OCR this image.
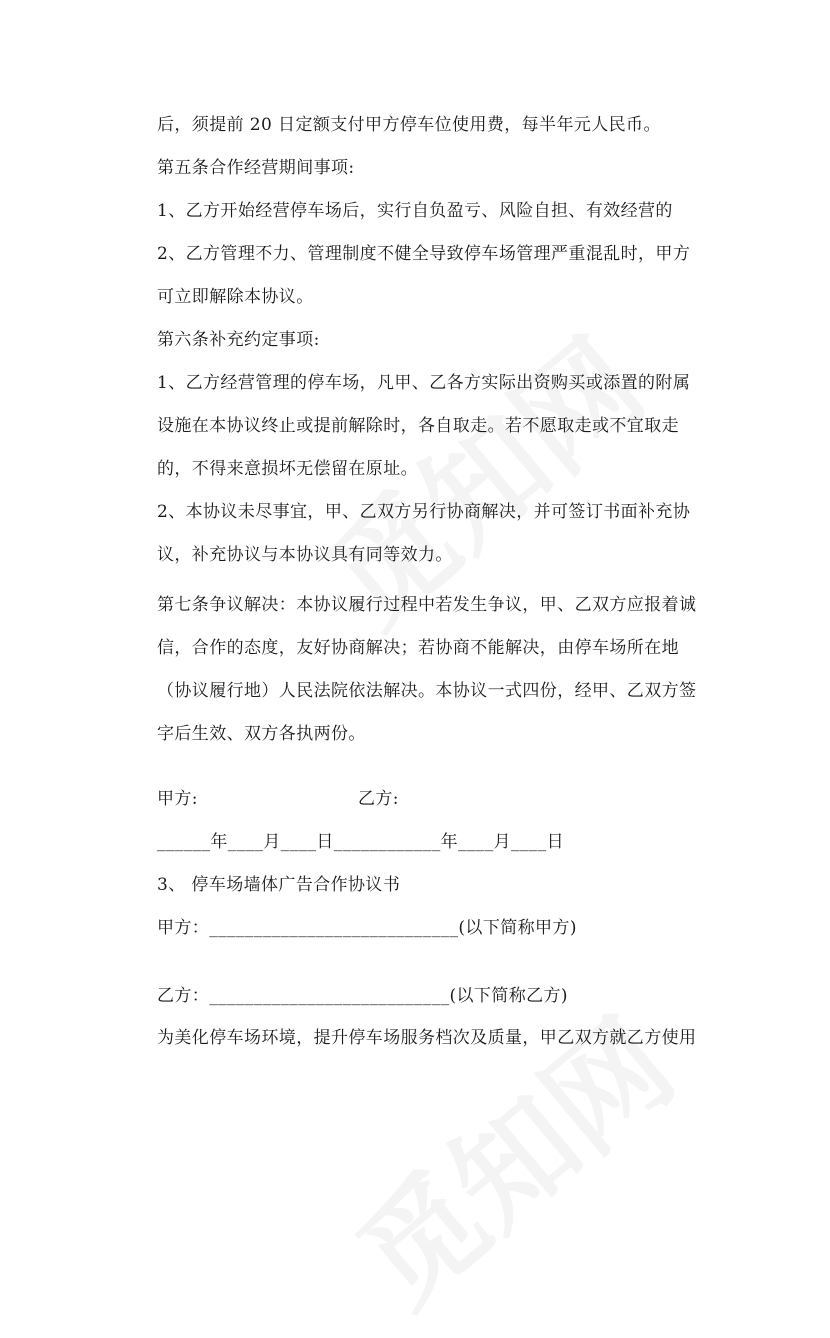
后，须提前 20 日定额支付甲方停车位使用费，每半年元人民币。
第五条合作经营期间事项:
1、乙方开始经营停车场后，实行自负盈亏、风险自担、有效经营的
2、乙方管理不力、管理制度不健全导致停车场管理严重混乱时，甲方
可立即解除本协议。
第六条补充约定事项:
1、乙方经营管理的停车场，凡甲、乙各方实际出资购买或添置的附属
设施在本协议终止或提前解除时，各自取走。若不愿取走或不宜取走
的，不得来意损坏无偿留在原址。
2、本协议未尽事宜，甲、乙双方另行协商解决，并可签订书面补充协
议，补充协议与本协议具有同等效力。
第七条争议解决：本协议履行过程中若发生争议，甲、乙双方应报着诚
信，合作的态度，友好协商解决；若协商不能解决，由停车场所在地
（协议履行地）人民法院依法解决。本协议一式四份，经甲、乙双方签
字后生效、双方各执两份。
甲方:	乙方:
______年____月____日____________年____月____日
3、 停车场墙体广告合作协议书
甲方：____________________________(以下简称甲方)
乙方：___________________________(以下简称乙方)
为美化停车场环境，提升停车场服务档次及质量，甲乙双方就乙方使用
